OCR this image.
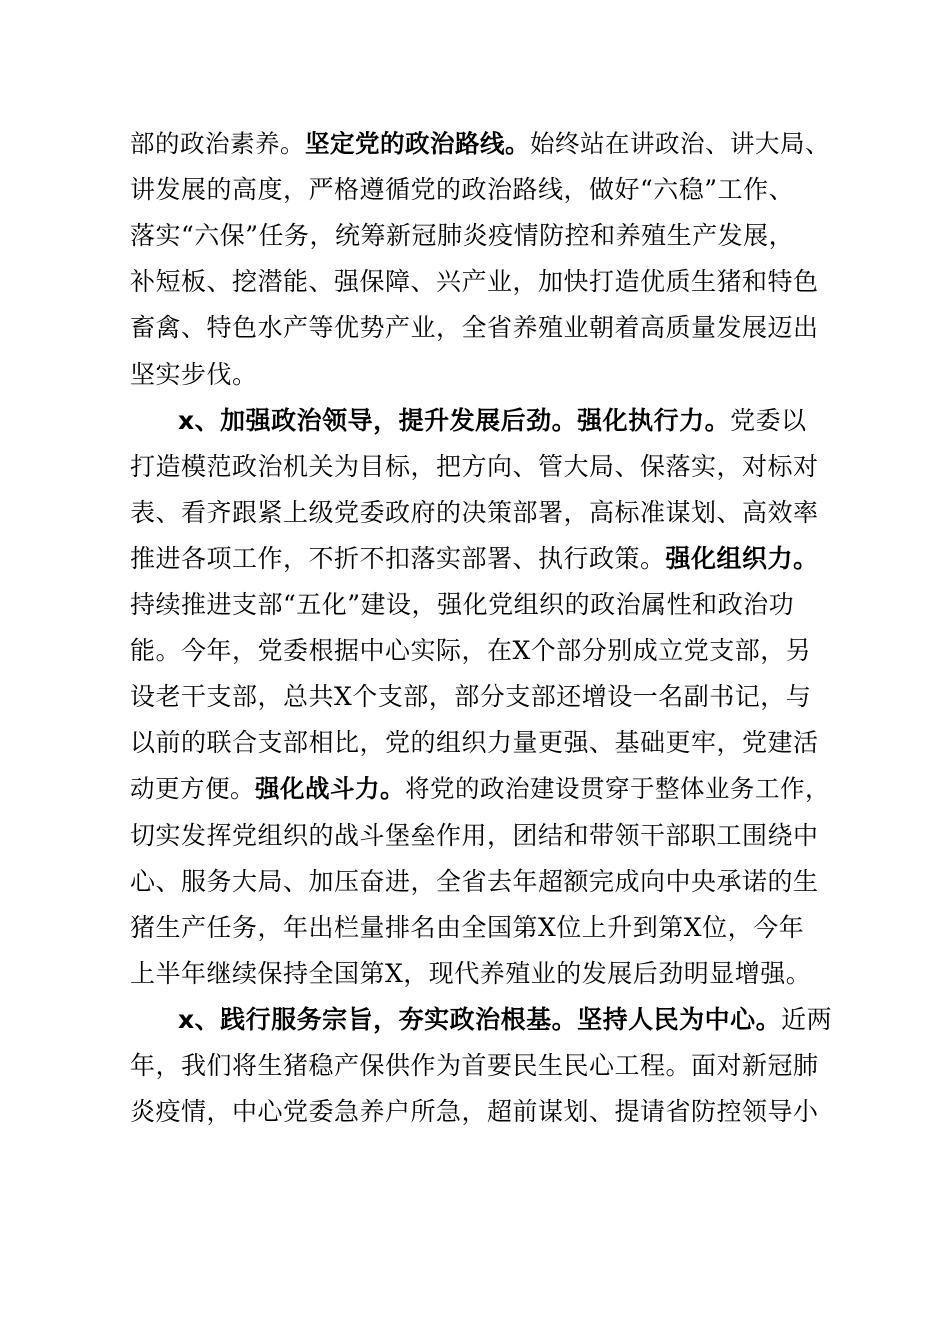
部的政治素养。坚定党的政治路线。始终站在讲政治、讲大局、
讲发展的高度，严格遵循党的政治路线，做好“六稳”工作、
落实“六保”任务，统筹新冠肺炎疫情防控和养殖生产发展，
补短板、挖潜能、强保障、兴产业，加快打造优质生猪和特色
畜禽、特色水产等优势产业，全省养殖业朝着高质量发展迈出
坚实步伐。
x、加强政治领导，提升发展后劲。强化执行力。党委以
打造模范政治机关为目标，把方向、管大局、保落实，对标对
表、看齐跟紧上级党委政府的决策部署，高标准谋划、高效率
推进各项工作，不折不扣落实部署、执行政策。强化组织力。
持续推进支部“五化”建设，强化党组织的政治属性和政治功
能。今年，党委根据中心实际，在X个部分别成立党支部，另
设老干支部，总共X个支部，部分支部还增设一名副书记，与
以前的联合支部相比，党的组织力量更强、基础更牢，党建活
动更方便。强化战斗力。将党的政治建设贯穿于整体业务工作，
切实发挥党组织的战斗堡垒作用，团结和带领干部职工围绕中
心、服务大局、加压奋进，全省去年超额完成向中央承诺的生
猪生产任务，年出栏量排名由全国第X位上升到第X位，今年
上半年继续保持全国第X，现代养殖业的发展后劲明显增强。
x、践行服务宗旨，夯实政治根基。坚持人民为中心。近两
年，我们将生猪稳产保供作为首要民生民心工程。面对新冠肺
炎疫情，中心党委急养户所急，超前谋划、提请省防控领导小
